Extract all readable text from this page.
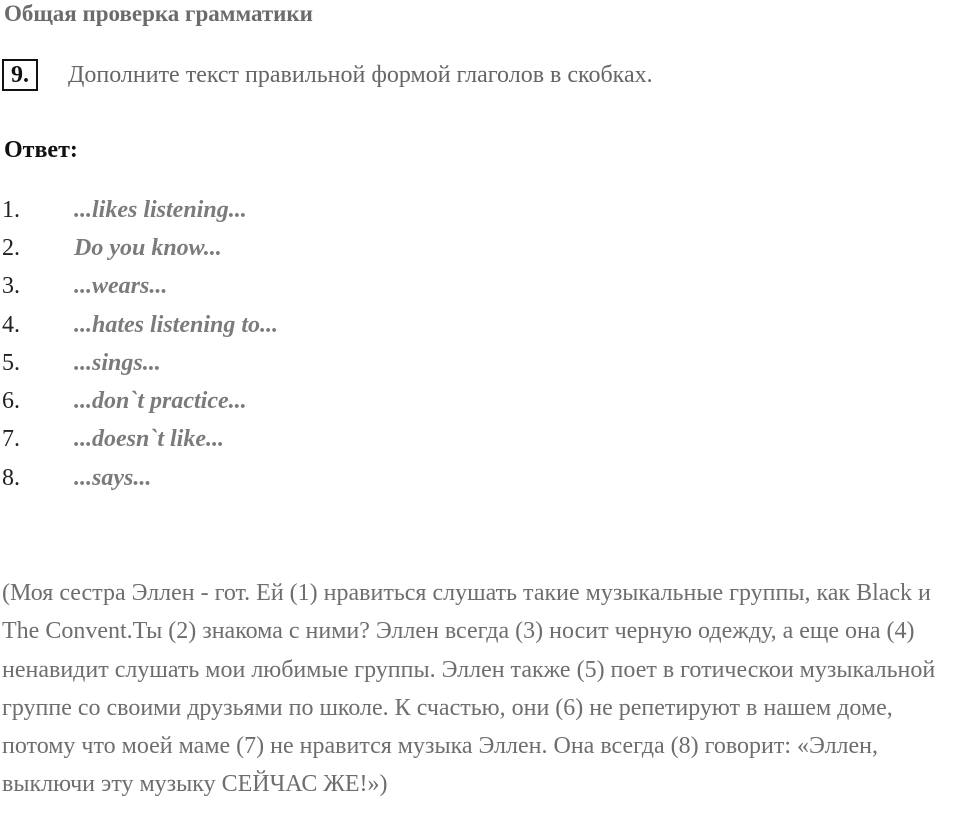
Общая проверка грамматики
9.	Дополните текст правильной формой глаголов в скобках.
Ответ:
1.	...likes listening...
2.	Do you know...
3.	...wears...
4.	...hates listening to...
5.	...sings...
6.	...don`t practice...
7.	...doesn`t like...
8.	...says...

(Моя сестра Эллен - гот. Ей (1) нравиться слушать такие музыкальные группы, как Black и The Convent.Ты (2) знакома с ними? Эллен всегда (3) носит черную одежду, а еще она (4) ненавидит слушать мои любимые группы. Эллен также (5) поет в готическои музыкальной группе со своими друзьями по школе. К счастью, они (6) не репетируют в нашем доме, потому что моей маме (7) не нравится музыка Эллен. Она всегда (8) говорит: «Эллен, выключи эту музыку СЕЙЧАС ЖЕ!»)
